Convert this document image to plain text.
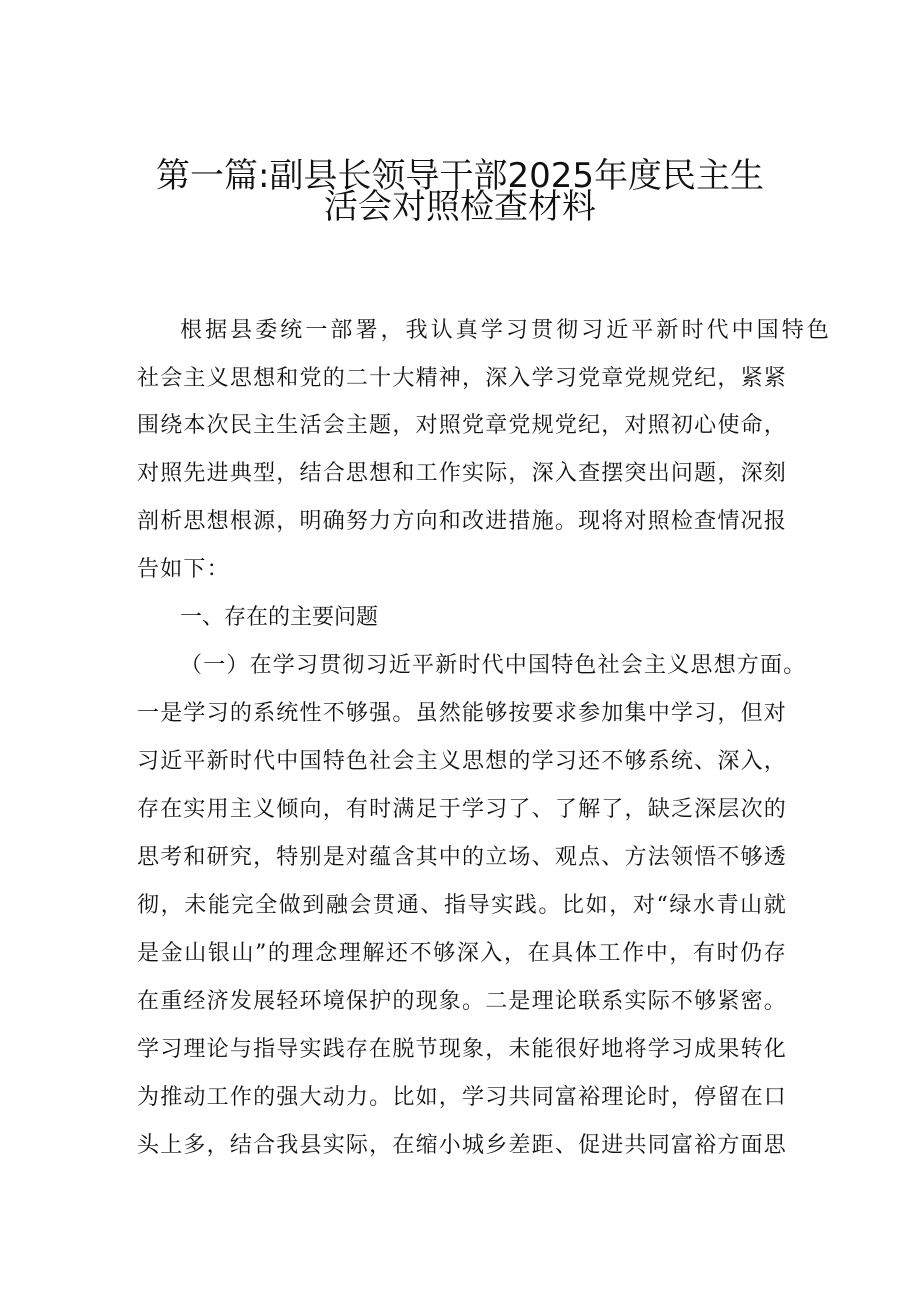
第一篇:副县长领导干部2025年度民主生
活会对照检查材料
根据县委统一部署，我认真学习贯彻习近平新时代中国特色
社会主义思想和党的二十大精神，深入学习党章党规党纪，紧紧
围绕本次民主生活会主题，对照党章党规党纪，对照初心使命，
对照先进典型，结合思想和工作实际，深入查摆突出问题，深刻
剖析思想根源，明确努力方向和改进措施。现将对照检查情况报
告如下：
一、存在的主要问题
（一）在学习贯彻习近平新时代中国特色社会主义思想方面。
一是学习的系统性不够强。虽然能够按要求参加集中学习，但对
习近平新时代中国特色社会主义思想的学习还不够系统、深入，
存在实用主义倾向，有时满足于学习了、了解了，缺乏深层次的
思考和研究，特别是对蕴含其中的立场、观点、方法领悟不够透
彻，未能完全做到融会贯通、指导实践。比如，对“绿水青山就
是金山银山”的理念理解还不够深入，在具体工作中，有时仍存
在重经济发展轻环境保护的现象。二是理论联系实际不够紧密。
学习理论与指导实践存在脱节现象，未能很好地将学习成果转化
为推动工作的强大动力。比如，学习共同富裕理论时，停留在口
头上多，结合我县实际，在缩小城乡差距、促进共同富裕方面思
